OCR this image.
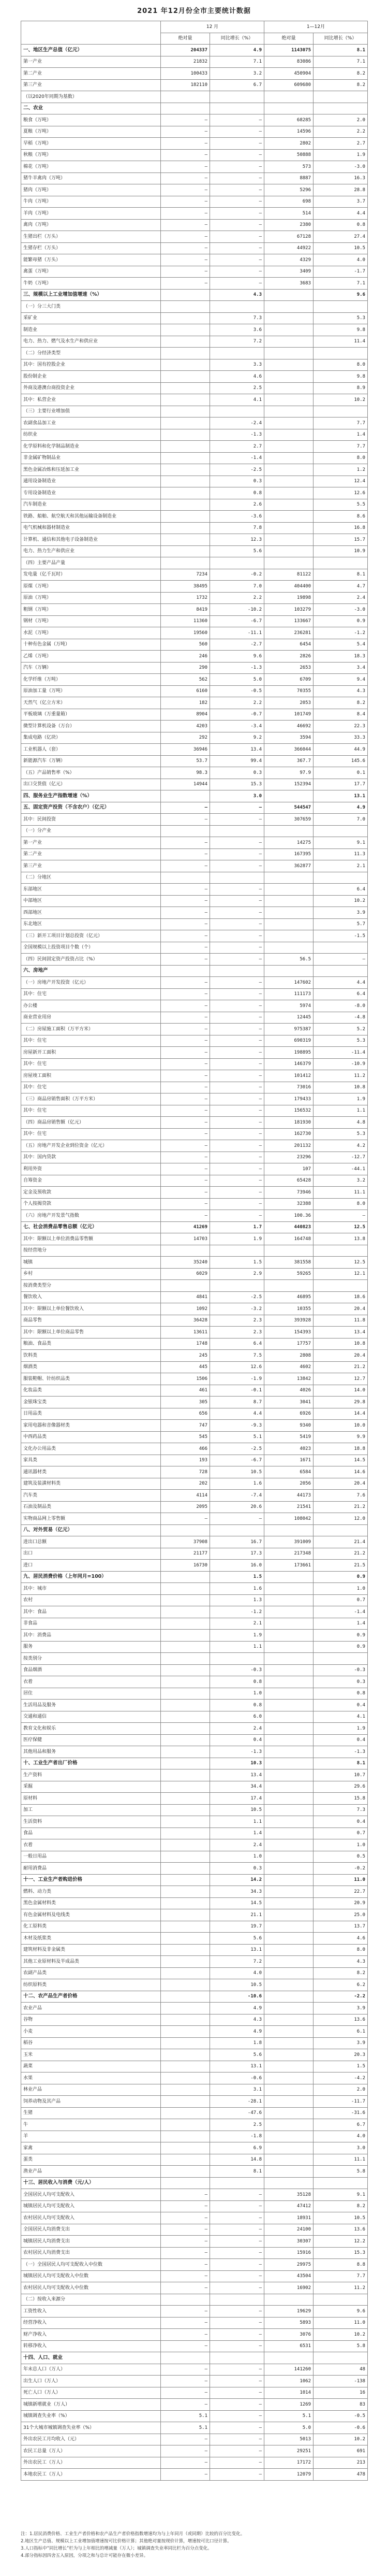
2021 年12月份全市主要统计数据
	12 月		1—12月	
	绝对量	同比增长（%）	绝对量	同比增长（%）
一、地区生产总值（亿元）	204337	4.9	1143075	8.1
第一产业	21832	7.1	83086	7.1
第二产业	100433	3.2	450904	8.2
第三产业	182110	6.7	609680	8.2
（以2020年同期为基数）				
二、农业				
粮食（万吨）	—	—	68285	2.0
夏粮（万吨）	—	—	14596	2.2
早稻（万吨）	—	—	2802	2.7
秋粮（万吨）	—	—	50888	1.9
棉花（万吨）	—	—	573	-3.0
猪牛羊禽肉（万吨）	—	—	8887	16.3
猪肉（万吨）	—	—	5296	28.8
牛肉（万吨）	—	—	698	3.7
羊肉（万吨）	—	—	514	4.4
禽肉（万吨）	—	—	2380	0.8
生猪出栏（万头）	—	—	67128	27.4
生猪存栏（万头）	—	—	44922	10.5
能繁母猪（万头）	—	—	4329	4.0
禽蛋（万吨）	—	—	3409	-1.7
牛奶（万吨）	—	—	3683	7.1
三、规模以上工业增加值增速（%）		4.3		9.6
（一）分三大门类				
采矿业		7.3		5.3
制造业		3.6		9.8
电力、热力、燃气及水生产和供应业		7.2		11.4
（二）分经济类型				
其中：国有控股企业		3.3		8.0
股份制企业		4.6		9.8
外商及港澳台商投资企业		2.5		8.9
其中：私营企业		4.1		10.2
（三）主要行业增加值				
农副食品加工业		-2.4		7.7
纺织业		-1.3		1.4
化学原料和化学制品制造业		2.7		7.7
非金属矿物制品业		-1.4		8.0
黑色金属冶炼和压延加工业		-2.5		1.2
通用设备制造业		0.3		12.4
专用设备制造业		0.8		12.6
汽车制造业		2.6		5.5
铁路、船舶、航空航天和其他运输设备制造业		-3.6		8.6
电气机械和器材制造业		7.8		16.8
计算机、通信和其他电子设备制造业		12.3		15.7
电力、热力生产和供应业		5.6		10.9
（四）主要产品产量				
发电量（亿千瓦时）	7234	-0.2	81122	8.1
原煤（万吨）	38495	7.0	404400	4.7
原油（万吨）	1732	2.2	19898	2.4
粗钢（万吨）	8419	-10.2	103279	-3.0
钢材（万吨）	11360	-6.7	133667	0.9
水泥（万吨）	19560	-11.1	236281	-1.2
十种有色金属（万吨）	560	-2.7	6454	5.4
乙烯（万吨）	246	9.6	2826	18.3
汽车（万辆）	290	-1.3	2653	3.4
化学纤维（万吨）	562	5.0	6709	9.4
原油加工量（万吨）	6160	-0.5	70355	4.3
天然气（亿立方米）	182	2.2	2053	8.2
平板玻璃（万重量箱）	8904	-0.7	101749	8.4
微型计算机设备（万台）	4203	-3.4	46692	22.3
集成电路（亿块）	292	9.2	3594	33.3
工业机器人（套）	36946	13.4	366044	44.9
新能源汽车（万辆）	53.7	99.4	367.7	145.6
（五）产品销售率（%）	98.3	0.3	97.9	0.1
出口交货值（亿元）	14944	15.3	152394	17.7
四、服务业生产指数增速（%）		3.0		13.1
五、固定资产投资（不含农户）（亿元）	—	—	544547	4.9
其中：民间投资	—	—	307659	7.0
（一）分产业				
第一产业	—	—	14275	9.1
第二产业	—	—	167395	11.3
第三产业	—	—	362877	2.1
（二）分地区				
东部地区	—	—		6.4
中部地区	—	—		10.2
西部地区	—	—		3.9
东北地区	—	—		5.7
（三）新开工项目计划总投资（亿元）	—	—		-1.5
全国规模以上投资项目个数（个）	—	—		
（四）民间固定资产投资占比（%）	—	—	56.5	—
六、房地产				
（一）房地产开发投资（亿元）	—	—	147602	4.4
其中：住宅	—	—	111173	6.4
办公楼	—	—	5974	-8.0
商业营业用房	—	—	12445	-4.8
（二）房屋施工面积（万平方米）	—	—	975387	5.2
其中：住宅	—	—	690319	5.3
房屋新开工面积	—	—	198895	-11.4
其中：住宅	—	—	146379	-10.9
房屋竣工面积	—	—	101412	11.2
其中：住宅	—	—	73016	10.8
（三）商品房销售面积（万平方米）	—	—	179433	1.9
其中：住宅	—	—	156532	1.1
（四）商品房销售额（亿元）	—	—	181930	4.8
其中：住宅	—	—	162730	5.3
（五）房地产开发企业到位资金（亿元）	—	—	201132	4.2
其中：国内贷款	—	—	23296	-12.7
利用外资	—	—	107	-44.1
自筹资金	—	—	65428	3.2
定金及预收款	—	—	73946	11.1
个人按揭贷款	—	—	32388	8.0
（六）房地产开发景气指数	—	—	100.36	—
七、社会消费品零售总额（亿元）	41269	1.7	440823	12.5
其中：限额以上单位消费品零售额	14703	1.9	164748	13.8
按经营地分				
城镇	35240	1.5	381558	12.5
乡村	6029	2.9	59265	12.1
按消费类型分				
餐饮收入	4841	-2.5	46895	18.6
其中：限额以上单位餐饮收入	1092	-3.2	10355	20.4
商品零售	36428	2.3	393928	11.8
其中：限额以上单位商品零售	13611	2.3	154393	13.4
粮油、食品类	1748	6.4	17757	10.8
饮料类	245	7.5	2808	20.4
烟酒类	445	12.6	4602	21.2
服装鞋帽、针纺织品类	1506	-1.9	13842	12.7
化妆品类	461	-0.1	4026	14.0
金银珠宝类	305	8.7	3041	29.8
日用品类	656	4.4	6926	14.4
家用电器和音像器材类	747	-9.3	9340	10.0
中西药品类	545	5.1	5419	9.9
文化办公用品类	466	-2.5	4023	18.8
家具类	193	-6.7	1671	14.5
通讯器材类	728	10.5	6584	14.6
建筑及装潢材料类	202	1.6	2056	20.4
汽车类	4114	-7.4	44173	7.6
石油及制品类	2095	20.6	21541	21.2
实物商品网上零售额	—	—	108042	12.0
八、对外贸易（亿元）				
进出口总额	37908	16.7	391009	21.4
出口	21177	17.3	217348	21.2
进口	16730	16.0	173661	21.5
九、居民消费价格（上年同月=100）		1.5		0.9
其中：城市		1.6		1.0
农村		1.3		0.7
其中：食品		-1.2		-1.4
非食品		2.1		1.4
其中：消费品		1.9		0.9
服务		1.1		0.9
按类别分				
食品烟酒		-0.3		-0.3
衣着		0.8		0.3
居住		1.0		0.8
生活用品及服务		0.8		0.4
交通和通信		6.0		4.1
教育文化和娱乐		2.4		1.9
医疗保健		0.4		0.4
其他用品和服务		-1.3		-1.3
十、工业生产者出厂价格		10.3		8.1
生产资料		13.4		10.7
采掘		34.4		29.6
原材料		17.4		15.8
加工		10.5		7.3
生活资料		1.1		0.4
食品		1.4		0.7
衣着		2.4		1.0
一般日用品		1.0		0.5
耐用消费品		0.3		-0.2
十一、工业生产者购进价格		14.2		11.0
燃料、动力类		34.3		22.7
黑色金属材料类		14.5		20.9
有色金属材料及电线类		21.1		25.0
化工原料类		19.7		13.7
木材及纸浆类		5.6		4.6
建筑材料及非金属类		13.1		8.0
其他工业原材料及半成品类		7.2		4.3
农副产品类		4.0		8.2
纺织原料类		10.5		6.2
十二、农产品生产者价格		-10.6		-2.2
农业产品		4.9		3.9
谷物		4.3		13.6
小麦		4.9		6.1
稻谷		1.8		3.9
玉米		5.6		20.3
蔬菜		13.1		1.5
水果		-0.6		-4.2
林业产品		3.1		2.0
饲养动物及其产品		-28.1		-11.7
生猪		-47.6		-31.6
牛		2.5		6.7
羊		-1.8		4.0
家禽		6.9		3.0
蛋类		14.8		11.1
渔业产品		8.1		5.8
十三、居民收入与消费（元/人）				
全国居民人均可支配收入	—	—	35128	9.1
城镇居民人均可支配收入	—	—	47412	8.2
农村居民人均可支配收入	—	—	18931	10.5
全国居民人均消费支出	—	—	24100	13.6
城镇居民人均消费支出	—	—	30307	12.2
农村居民人均消费支出	—	—	15916	15.3
（一）全国居民人均可支配收入中位数	—	—	29975	8.8
城镇居民人均可支配收入中位数	—	—	43504	7.7
农村居民人均可支配收入中位数	—	—	16902	11.2
（二）按收入来源分				
工资性收入	—	—	19629	9.6
经营净收入	—	—	5893	11.0
财产净收入	—	—	3076	10.2
转移净收入	—	—	6531	5.8
十四、人口、就业				
年末总人口（万人）	—	—	141260	48
出生人口（万人）	—	—	1062	-138
死亡人口（万人）	—	—	1014	16
城镇新增就业（万人）	—	—	1269	83
城镇调查失业率（%）	5.1	—	5.1	-0.5
31个大城市城镇调查失业率（%）	5.1	—	5.0	-0.6
外出农民工月均收入（元）	—	—	5013	10.2
农民工总量（万人）	—	—	29251	691
外出农民工（万人）	—	—	17172	213
本地农民工（万人）	—	—	12079	478
注：1.居民消费价格、工业生产者价格和农产品生产者价格指数增速均为与上年同月（或同期）比较的百分比变化。
2.地区生产总值、规模以上工业增加值增速按可比价格计算；其他绝对量按现价计算，增速按可比口径计算。
3.人口指标中“同比增长”栏为与上年相比的增减量（万人）；城镇调查失业率同比栏为百分点变化。
4.部分指标因四舍五入原因，分项之和与总计可能存在微小差异。
